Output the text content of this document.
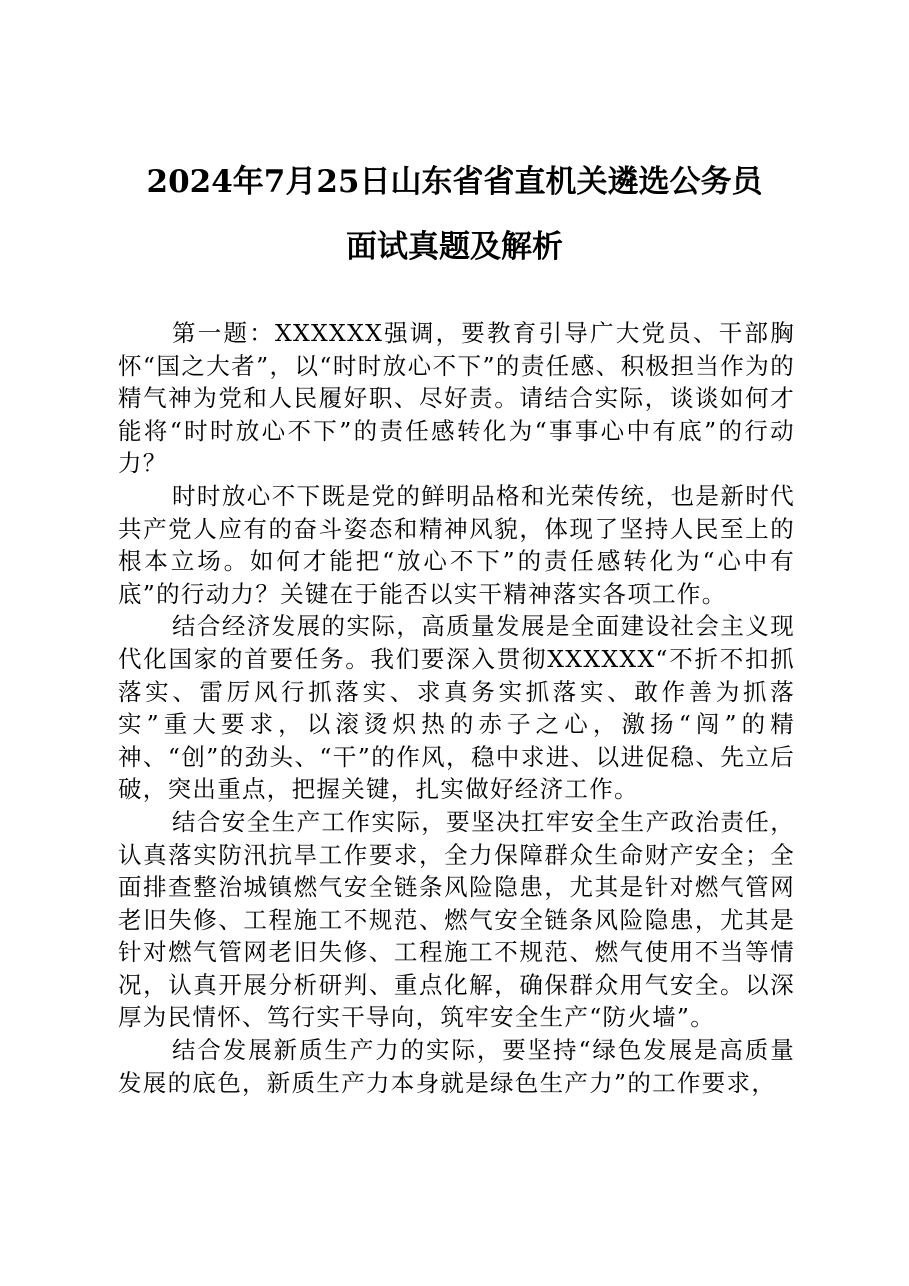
2024年7月25日山东省省直机关遴选公务员
面试真题及解析

第一题：XXXXXX强调，要教育引导广大党员、干部胸怀“国之大者”，以“时时放心不下”的责任感、积极担当作为的精气神为党和人民履好职、尽好责。请结合实际，谈谈如何才能将“时时放心不下”的责任感转化为“事事心中有底”的行动力？

时时放心不下既是党的鲜明品格和光荣传统，也是新时代共产党人应有的奋斗姿态和精神风貌，体现了坚持人民至上的根本立场。如何才能把“放心不下”的责任感转化为“心中有底”的行动力？关键在于能否以实干精神落实各项工作。

结合经济发展的实际，高质量发展是全面建设社会主义现代化国家的首要任务。我们要深入贯彻XXXXXX“不折不扣抓落实、雷厉风行抓落实、求真务实抓落实、敢作善为抓落实”重大要求，以滚烫炽热的赤子之心，激扬“闯”的精神、“创”的劲头、“干”的作风，稳中求进、以进促稳、先立后破，突出重点，把握关键，扎实做好经济工作。

结合安全生产工作实际，要坚决扛牢安全生产政治责任，认真落实防汛抗旱工作要求，全力保障群众生命财产安全；全面排查整治城镇燃气安全链条风险隐患，尤其是针对燃气管网老旧失修、工程施工不规范、燃气安全链条风险隐患，尤其是针对燃气管网老旧失修、工程施工不规范、燃气使用不当等情况，认真开展分析研判、重点化解，确保群众用气安全。以深厚为民情怀、笃行实干导向，筑牢安全生产“防火墙”。

结合发展新质生产力的实际，要坚持“绿色发展是高质量发展的底色，新质生产力本身就是绿色生产力”的工作要求，
